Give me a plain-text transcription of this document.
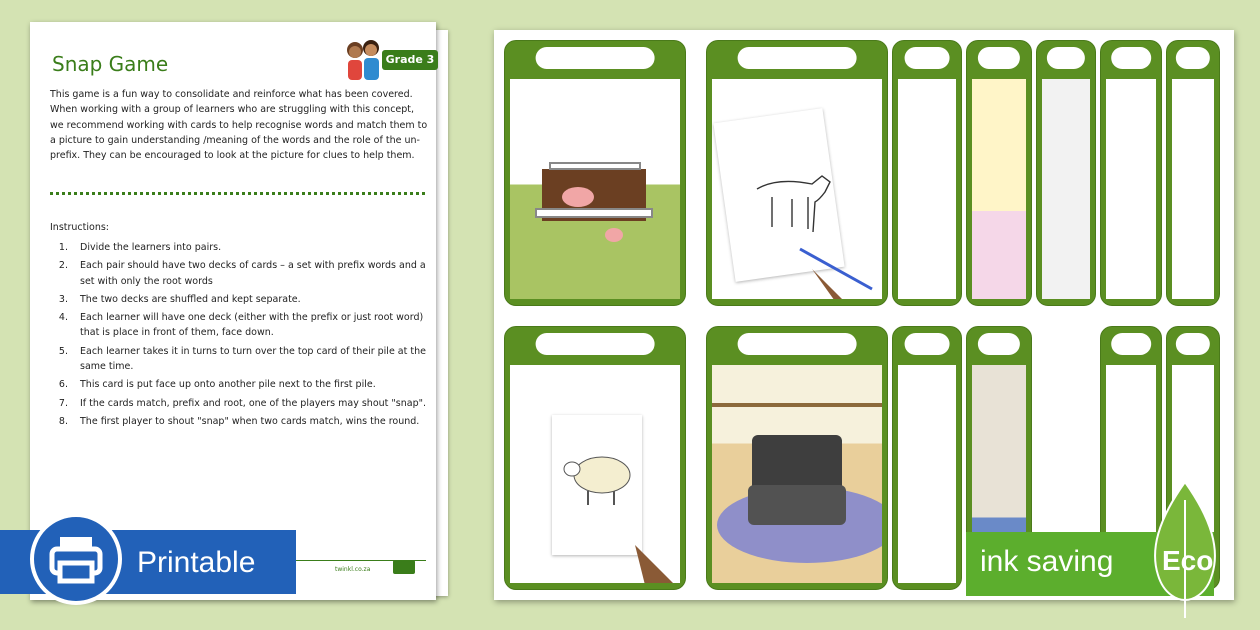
Snap Game	Grade 3
This game is a fun way to consolidate and reinforce what has been covered. When working with a group of learners who are struggling with this concept, we recommend working with cards to help recognise words and match them to a picture to gain understanding /meaning of the words and the role of the un- prefix. They can be encouraged to look at the picture for clues to help them.
Instructions:
1. Divide the learners into pairs.
2. Each pair should have two decks of cards – a set with prefix words and a set with only the root words
3. The two decks are shuffled and kept separate.
4. Each learner will have one deck (either with the prefix or just root word) that is place in front of them, face down.
5. Each learner takes it in turns to turn over the top card of their pile at the same time.
6. This card is put face up onto another pile next to the first pile.
7. If the cards match, prefix and root, one of the players may shout "snap".
8. The first player to shout "snap" when two cards match, wins the round.
twinkl.co.za
Printable	ink saving Eco
